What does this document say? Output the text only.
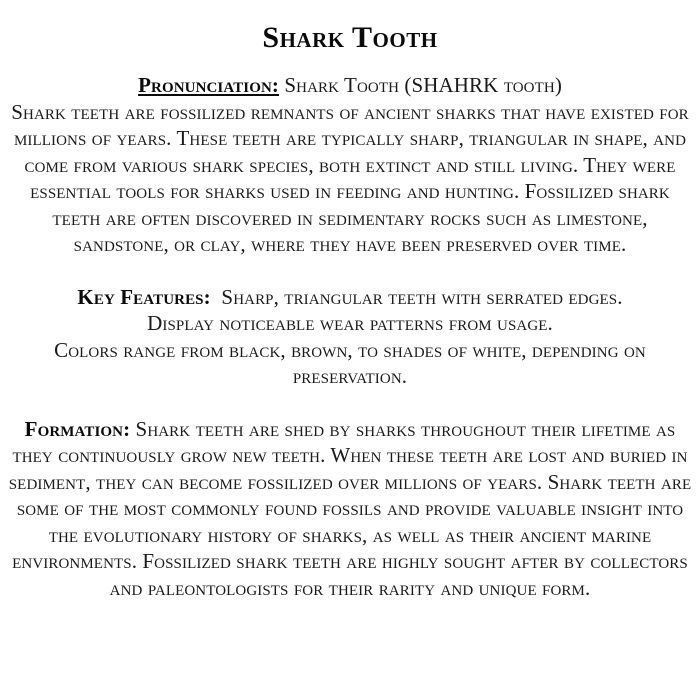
Shark Tooth

Pronunciation: Shark Tooth (SHAHRK tooth)

Shark teeth are fossilized remnants of ancient sharks that have existed for millions of years. These teeth are typically sharp, triangular in shape, and come from various shark species, both extinct and still living. They were essential tools for sharks used in feeding and hunting. Fossilized shark teeth are often discovered in sedimentary rocks such as limestone, sandstone, or clay, where they have been preserved over time.

Key Features:  Sharp, triangular teeth with serrated edges.
Display noticeable wear patterns from usage.
Colors range from black, brown, to shades of white, depending on preservation.

Formation: Shark teeth are shed by sharks throughout their lifetime as they continuously grow new teeth. When these teeth are lost and buried in sediment, they can become fossilized over millions of years. Shark teeth are some of the most commonly found fossils and provide valuable insight into the evolutionary history of sharks, as well as their ancient marine environments. Fossilized shark teeth are highly sought after by collectors and paleontologists for their rarity and unique form.
